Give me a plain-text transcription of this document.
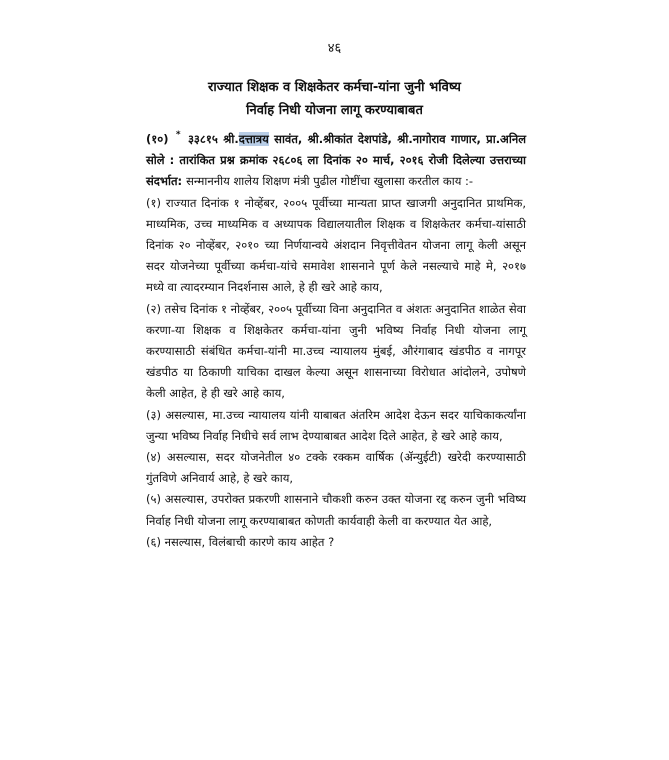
४६
राज्यात शिक्षक व शिक्षकेतर कर्मचा-यांना जुनी भविष्य
निर्वाह निधी योजना लागू करण्याबाबत

(१०) * ३३८१५ श्री.दत्तात्रय सावंत, श्री.श्रीकांत देशपांडे, श्री.नागोराव गाणार, प्रा.अनिल सोले : तारांकित प्रश्न क्रमांक २६८०६ ला दिनांक २० मार्च, २०१६ रोजी दिलेल्या उत्तराच्या संदर्भात: सन्माननीय शालेय शिक्षण मंत्री पुढील गोष्टींचा खुलासा करतील काय :-

(१) राज्यात दिनांक १ नोव्हेंबर, २००५ पूर्वीच्या मान्यता प्राप्त खाजगी अनुदानित प्राथमिक, माध्यमिक, उच्च माध्यमिक व अध्यापक विद्यालयातील शिक्षक व शिक्षकेतर कर्मचा-यांसाठी दिनांक २० नोव्हेंबर, २०१० च्या निर्णयान्वये अंशदान निवृत्तीवेतन योजना लागू केली असून सदर योजनेच्या पूर्वीच्या कर्मचा-यांचे समावेश शासनाने पूर्ण केले नसल्याचे माहे मे, २०१७ मध्ये वा त्यादरम्यान निदर्शनास आले, हे ही खरे आहे काय,

(२) तसेच दिनांक १ नोव्हेंबर, २००५ पूर्वीच्या विना अनुदानित व अंशतः अनुदानित शाळेत सेवा करणा-या शिक्षक व शिक्षकेतर कर्मचा-यांना जुनी भविष्य निर्वाह निधी योजना लागू करण्यासाठी संबंधित कर्मचा-यांनी मा.उच्च न्यायालय मुंबई, औरंगाबाद खंडपीठ व नागपूर खंडपीठ या ठिकाणी याचिका दाखल केल्या असून शासनाच्या विरोधात आंदोलने, उपोषणे केली आहेत, हे ही खरे आहे काय,

(३) असल्यास, मा.उच्च न्यायालय यांनी याबाबत अंतरिम आदेश देऊन सदर याचिकाकर्त्यांना जुन्या भविष्य निर्वाह निधीचे सर्व लाभ देण्याबाबत आदेश दिले आहेत, हे खरे आहे काय,

(४) असल्यास, सदर योजनेतील ४० टक्के रक्कम वार्षिक (ॲन्युईटी) खरेदी करण्यासाठी गुंतविणे अनिवार्य आहे, हे खरे काय,

(५) असल्यास, उपरोक्त प्रकरणी शासनाने चौकशी करुन उक्त योजना रद्द करुन जुनी भविष्य निर्वाह निधी योजना लागू करण्याबाबत कोणती कार्यवाही केली वा करण्यात येत आहे,

(६) नसल्यास, विलंबाची कारणे काय आहेत ?
